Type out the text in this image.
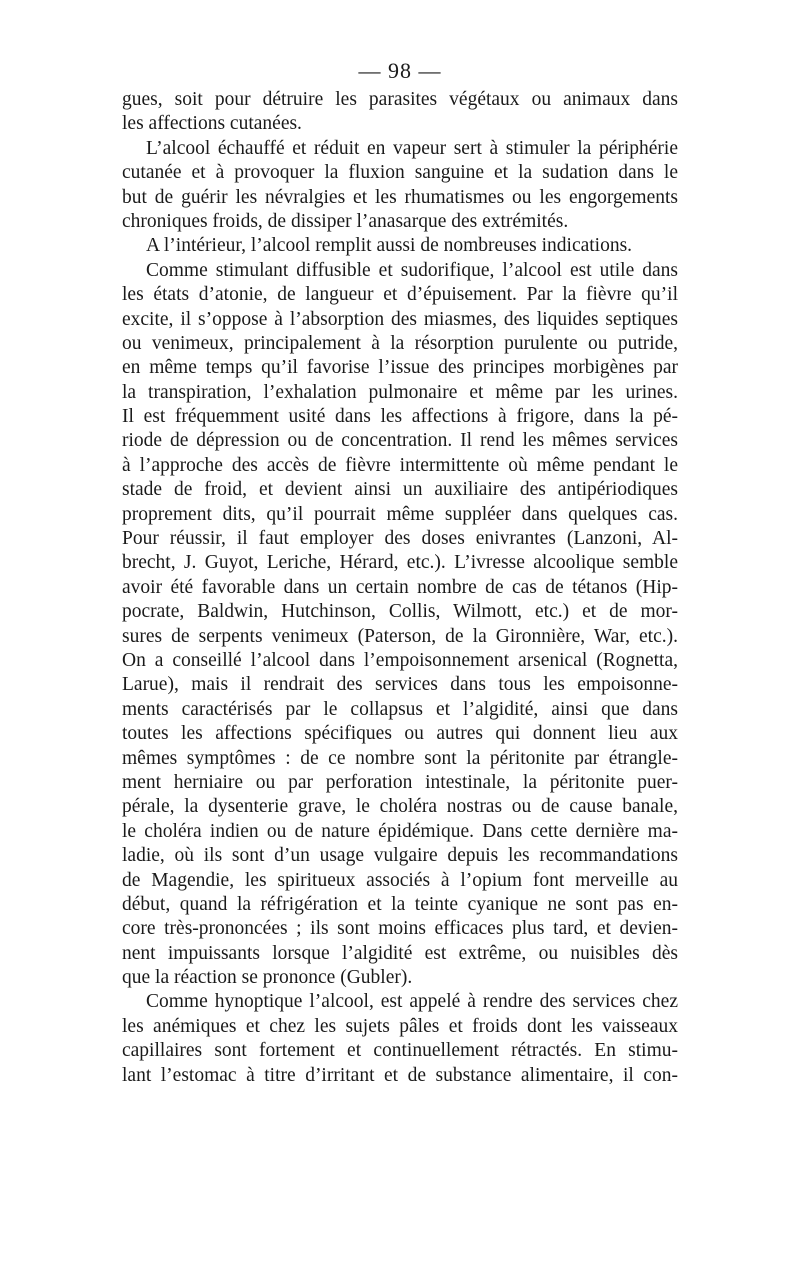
— 98 —
gues, soit pour détruire les parasites végétaux ou animaux dans
les affections cutanées.
L’alcool échauffé et réduit en vapeur sert à stimuler la périphérie
cutanée et à provoquer la fluxion sanguine et la sudation dans le
but de guérir les névralgies et les rhumatismes ou les engorgements
chroniques froids, de dissiper l’anasarque des extrémités.
A l’intérieur, l’alcool remplit aussi de nombreuses indications.
Comme stimulant diffusible et sudorifique, l’alcool est utile dans
les états d’atonie, de langueur et d’épuisement. Par la fièvre qu’il
excite, il s’oppose à l’absorption des miasmes, des liquides septiques
ou venimeux, principalement à la résorption purulente ou putride,
en même temps qu’il favorise l’issue des principes morbigènes par
la transpiration, l’exhalation pulmonaire et même par les urines.
Il est fréquemment usité dans les affections à frigore, dans la pé-
riode de dépression ou de concentration. Il rend les mêmes services
à l’approche des accès de fièvre intermittente où même pendant le
stade de froid, et devient ainsi un auxiliaire des antipériodiques
proprement dits, qu’il pourrait même suppléer dans quelques cas.
Pour réussir, il faut employer des doses enivrantes (Lanzoni, Al-
brecht, J. Guyot, Leriche, Hérard, etc.). L’ivresse alcoolique semble
avoir été favorable dans un certain nombre de cas de tétanos (Hip-
pocrate, Baldwin, Hutchinson, Collis, Wilmott, etc.) et de mor-
sures de serpents venimeux (Paterson, de la Gironnière, War, etc.).
On a conseillé l’alcool dans l’empoisonnement arsenical (Rognetta,
Larue), mais il rendrait des services dans tous les empoisonne-
ments caractérisés par le collapsus et l’algidité, ainsi que dans
toutes les affections spécifiques ou autres qui donnent lieu aux
mêmes symptômes : de ce nombre sont la péritonite par étrangle-
ment herniaire ou par perforation intestinale, la péritonite puer-
pérale, la dysenterie grave, le choléra nostras ou de cause banale,
le choléra indien ou de nature épidémique. Dans cette dernière ma-
ladie, où ils sont d’un usage vulgaire depuis les recommandations
de Magendie, les spiritueux associés à l’opium font merveille au
début, quand la réfrigération et la teinte cyanique ne sont pas en-
core très-prononcées ; ils sont moins efficaces plus tard, et devien-
nent impuissants lorsque l’algidité est extrême, ou nuisibles dès
que la réaction se prononce (Gubler).
Comme hynoptique l’alcool, est appelé à rendre des services chez
les anémiques et chez les sujets pâles et froids dont les vaisseaux
capillaires sont fortement et continuellement rétractés. En stimu-
lant l’estomac à titre d’irritant et de substance alimentaire, il con-
